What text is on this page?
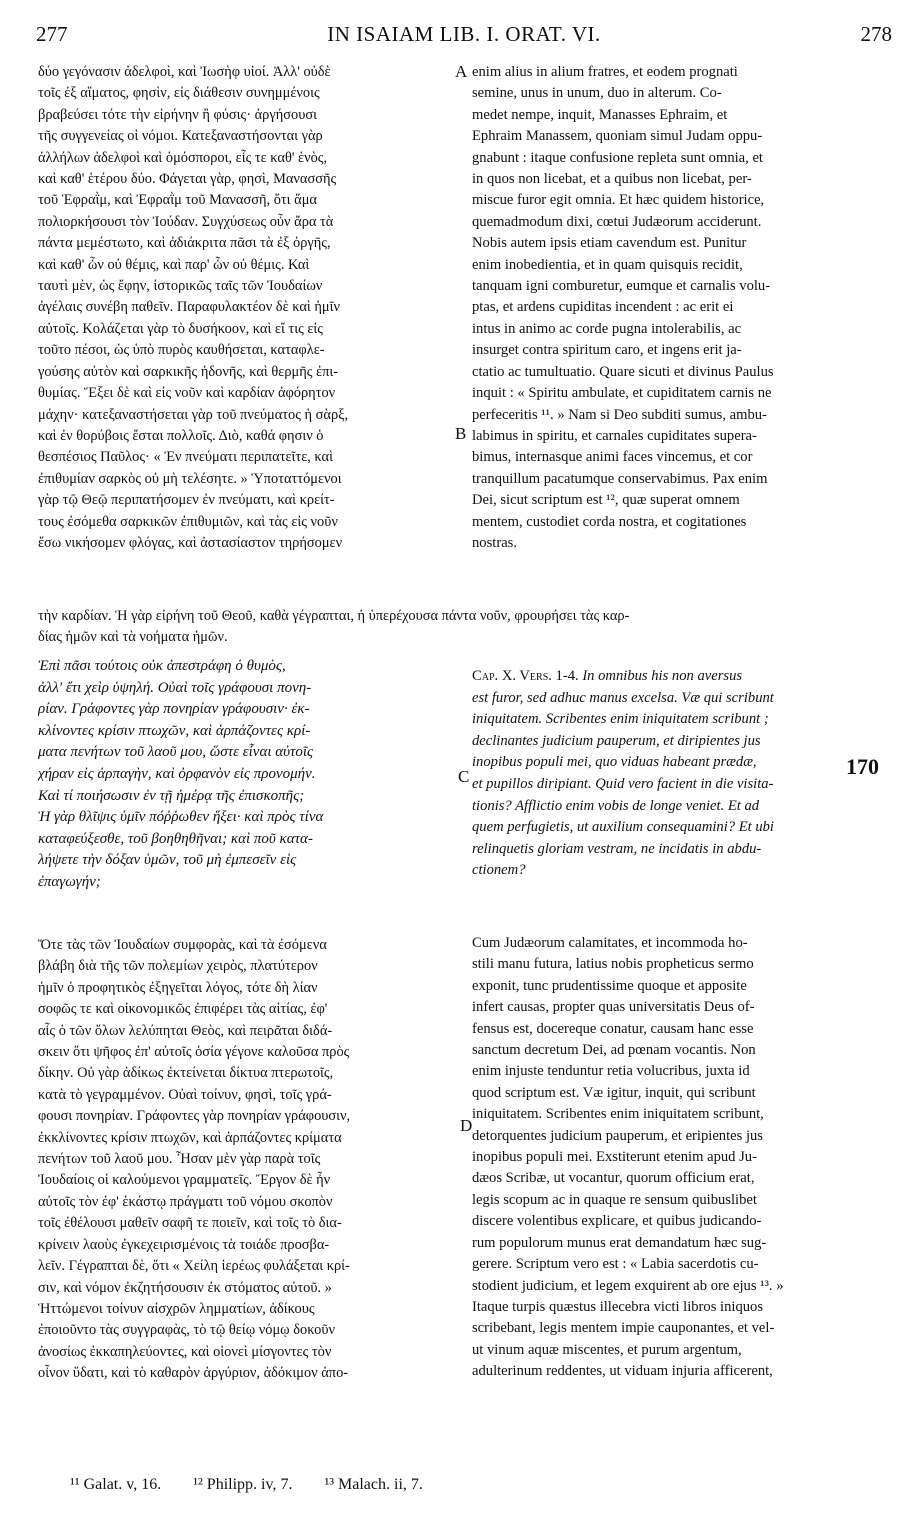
277	IN ISAIAM LIB. I. ORAT. VI.	278
δύο γεγόνασιν ἀδελφοὶ, καὶ Ἰωσὴφ υἱοί. Ἀλλ' οὐδὲ
τοῖς ἐξ αἵματος, φησὶν, εἰς διάθεσιν συνημμένοις
βραβεύσει τότε τὴν εἰρήνην ἢ φύσις· ἀργήσουσι
τῆς συγγενείας οἱ νόμοι. Κατεξαναστήσονται γὰρ
ἀλλήλων ἀδελφοὶ καὶ ὁμόσποροι, εἷς τε καθ' ἑνὸς,
καὶ καθ' ἑτέρου δύο. Φάγεται γὰρ, φησὶ, Μανασσῆς
τοῦ Ἐφραῒμ, καὶ Ἐφραῒμ τοῦ Μανασσῆ, ὅτι ἅμα
πολιορκήσουσι τὸν Ἰούδαν. Συγχύσεως οὖν ἄρα τὰ
πάντα μεμέστωτο, καὶ ἀδιάκριτα πᾶσι τὰ ἐξ ὀργῆς,
καὶ καθ' ὧν οὐ θέμις, καὶ παρ' ὧν οὐ θέμις. Καὶ
ταυτὶ μὲν, ὡς ἔφην, ἱστορικῶς ταῖς τῶν Ἰουδαίων
ἀγέλαις συνέβη παθεῖν. Παραφυλακτέον δὲ καὶ ἡμῖν
αὐτοῖς. Κολάζεται γὰρ τὸ δυσήκοον, καὶ εἴ τις εἰς
τοῦτο πέσοι, ὡς ὑπὸ πυρὸς καυθήσεται, καταφλε-
γούσης αὐτὸν καὶ σαρκικῆς ἡδονῆς, καὶ θερμῆς ἐπι-
θυμίας. Ἕξει δὲ καὶ εἰς νοῦν καὶ καρδίαν ἀφόρητον
μάχην· κατεξαναστήσεται γὰρ τοῦ πνεύματος ἡ σὰρξ,
καὶ ἐν θορύβοις ἔσται πολλοῖς. Διὸ, καθά φησιν ὁ
θεσπέσιος Παῦλος· « Ἐν πνεύματι περιπατεῖτε, καὶ
ἐπιθυμίαν σαρκὸς οὐ μὴ τελέσητε. » Ὑποταττόμενοι
γὰρ τῷ Θεῷ περιπατήσομεν ἐν πνεύματι, καὶ κρείτ-
τους ἐσόμεθα σαρκικῶν ἐπιθυμιῶν, καὶ τὰς εἰς νοῦν
ἔσω νικήσομεν φλόγας, καὶ ἀστασίαστον τηρήσομεν
enim alius in alium fratres, et eodem prognati
semine, unus in unum, duo in alterum. Co-
medet nempe, inquit, Manasses Ephraim, et
Ephraim Manassem, quoniam simul Judam oppu-
gnabunt : itaque confusione repleta sunt omnia, et
in quos non licebat, et a quibus non licebat, per-
miscue furor egit omnia. Et hæc quidem historice,
quemadmodum dixi, cœtui Judæorum acciderunt.
Nobis autem ipsis etiam cavendum est. Punitur
enim inobedientia, et in quam quisquis recidit,
tanquam igni comburetur, eumque et carnalis volu-
ptas, et ardens cupiditas incendent : ac erit ei
intus in animo ac corde pugna intolerabilis, ac
insurget contra spiritum caro, et ingens erit ja-
ctatio ac tumultuatio. Quare sicuti et divinus Paulus
inquit : « Spiritu ambulate, et cupiditatem carnis ne
perfeceritis ¹¹. » Nam si Deo subditi sumus, ambu-
labimus in spiritu, et carnales cupiditates supera-
bimus, internasque animi faces vincemus, et cor
tranquillum pacatumque conservabimus. Pax enim
Dei, sicut scriptum est ¹², quæ superat omnem
mentem, custodiet corda nostra, et cogitationes
nostras.
τὴν καρδίαν. Ἡ γὰρ εἰρήνη τοῦ Θεοῦ, καθὰ γέγραπται, ἡ ὑπερέχουσα πάντα νοῦν, φρουρήσει τὰς καρ-
δίας ἡμῶν καὶ τὰ νοήματα ἡμῶν.
Ἐπὶ πᾶσι τούτοις οὐκ ἀπεστράφη ὁ θυμὸς,
ἀλλ' ἔτι χεὶρ ὑψηλή. Οὐαὶ τοῖς γράφουσι πονη-
ρίαν. Γράφοντες γὰρ πονηρίαν γράφουσιν· ἐκ-
κλίνοντες κρίσιν πτωχῶν, καὶ ἁρπάζοντες κρί-
ματα πενήτων τοῦ λαοῦ μου, ὥστε εἶναι αὐτοῖς
χήραν εἰς ἁρπαγὴν, καὶ ὀρφανὸν εἰς προνομήν.
Καὶ τί ποιήσωσιν ἐν τῇ ἡμέρᾳ τῆς ἐπισκοπῆς;
Ἡ γὰρ θλῖψις ὑμῖν πόῤῥωθεν ἥξει· καὶ πρὸς τίνα
καταφεύξεσθε, τοῦ βοηθηθῆναι; καὶ ποῦ κατα-
λήψετε τὴν δόξαν ὑμῶν, τοῦ μὴ ἐμπεσεῖν εἰς
ἐπαγωγήν;
Cap. X. Vers. 1-4. In omnibus his non aversus
est furor, sed adhuc manus excelsa. Væ qui scribunt
iniquitatem. Scribentes enim iniquitatem scribunt ;
declinantes judicium pauperum, et diripientes jus
inopibus populi mei, quo viduas habeant prædæ,
et pupillos diripiant. Quid vero facient in die visita-
tionis? Afflictio enim vobis de longe veniet. Et ad
quem perfugietis, ut auxilium consequamini? Et ubi
relinquetis gloriam vestram, ne incidatis in abdu-
ctionem?
Ὅτε τὰς τῶν Ἰουδαίων συμφορὰς, καὶ τὰ ἐσόμενα
βλάβη διὰ τῆς τῶν πολεμίων χειρὸς, πλατύτερον
ἡμῖν ὁ προφητικὸς ἐξηγεῖται λόγος, τότε δὴ λίαν
σοφῶς τε καὶ οἰκονομικῶς ἐπιφέρει τὰς αἰτίας, ἐφ'
αἷς ὁ τῶν ὅλων λελύπηται Θεὸς, καὶ πειρᾶται διδά-
σκειν ὅτι ψῆφος ἐπ' αὐτοῖς ὁσία γέγονε καλοῦσα πρὸς
δίκην. Οὐ γὰρ ἀδίκως ἐκτείνεται δίκτυα πτερωτοῖς,
κατὰ τὸ γεγραμμένον. Οὐαὶ τοίνυν, φησὶ, τοῖς γρά-
φουσι πονηρίαν. Γράφοντες γὰρ πονηρίαν γράφουσιν,
ἐκκλίνοντες κρίσιν πτωχῶν, καὶ ἁρπάζοντες κρίματα
πενήτων τοῦ λαοῦ μου. Ἦσαν μὲν γὰρ παρὰ τοῖς
Ἰουδαίοις οἱ καλούμενοι γραμματεῖς. Ἔργον δὲ ἦν
αὐτοῖς τὸν ἐφ' ἑκάστῳ πράγματι τοῦ νόμου σκοπὸν
τοῖς ἐθέλουσι μαθεῖν σαφῆ τε ποιεῖν, καὶ τοῖς τὸ δια-
κρίνειν λαοὺς ἐγκεχειρισμένοις τὰ τοιάδε προσβα-
λεῖν. Γέγραπται δὲ, ὅτι « Χείλη ἱερέως φυλάξεται κρί-
σιν, καὶ νόμον ἐκζητήσουσιν ἐκ στόματος αὐτοῦ. »
Ἡττώμενοι τοίνυν αἰσχρῶν λημματίων, ἀδίκους
ἐποιοῦντο τὰς συγγραφὰς, τὸ τῷ θείῳ νόμῳ δοκοῦν
ἀνοσίως ἐκκαπηλεύοντες, καὶ οἱονεὶ μίσγοντες τὸν
οἶνον ὕδατι, καὶ τὸ καθαρὸν ἀργύριον, ἀδόκιμον ἀπο-
Cum Judæorum calamitates, et incommoda ho-
stili manu futura, latius nobis propheticus sermo
exponit, tunc prudentissime quoque et apposite
infert causas, propter quas universitatis Deus of-
fensus est, docereque conatur, causam hanc esse
sanctum decretum Dei, ad pœnam vocantis. Non
enim injuste tenduntur retia volucribus, juxta id
quod scriptum est. Væ igitur, inquit, qui scribunt
iniquitatem. Scribentes enim iniquitatem scribunt,
detorquentes judicium pauperum, et eripientes jus
inopibus populi mei. Exstiterunt etenim apud Ju-
dæos Scribæ, ut vocantur, quorum officium erat,
legis scopum ac in quaque re sensum quibuslibet
discere volentibus explicare, et quibus judicando-
rum populorum munus erat demandatum hæc sug-
gerere. Scriptum vero est : « Labia sacerdotis cu-
stodient judicium, et legem exquirent ab ore ejus ¹³. »
Itaque turpis quæstus illecebra victi libros iniquos
scribebant, legis mentem impie cauponantes, et vel-
ut vinum aquæ miscentes, et purum argentum,
adulterinum reddentes, ut viduam injuria afficerent,
A
B
C
D
170
¹¹ Galat. v, 16. ¹² Philipp. iv, 7. ¹³ Malach. ii, 7.
